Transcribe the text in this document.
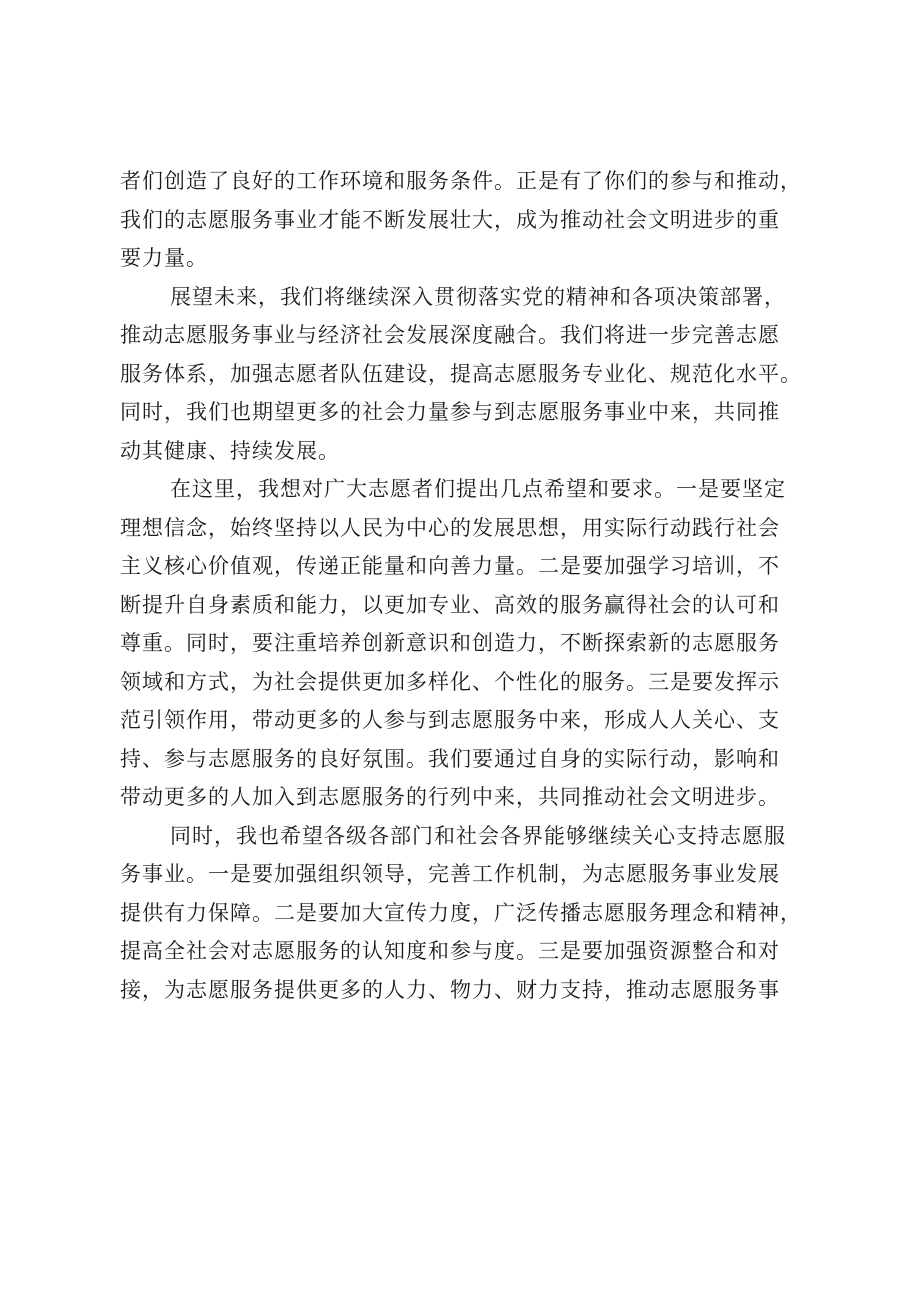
者们创造了良好的工作环境和服务条件。正是有了你们的参与和推动，
我们的志愿服务事业才能不断发展壮大，成为推动社会文明进步的重
要力量。
展望未来，我们将继续深入贯彻落实党的精神和各项决策部署，
推动志愿服务事业与经济社会发展深度融合。我们将进一步完善志愿
服务体系，加强志愿者队伍建设，提高志愿服务专业化、规范化水平。
同时，我们也期望更多的社会力量参与到志愿服务事业中来，共同推
动其健康、持续发展。
在这里，我想对广大志愿者们提出几点希望和要求。一是要坚定
理想信念，始终坚持以人民为中心的发展思想，用实际行动践行社会
主义核心价值观，传递正能量和向善力量。二是要加强学习培训，不
断提升自身素质和能力，以更加专业、高效的服务赢得社会的认可和
尊重。同时，要注重培养创新意识和创造力，不断探索新的志愿服务
领域和方式，为社会提供更加多样化、个性化的服务。三是要发挥示
范引领作用，带动更多的人参与到志愿服务中来，形成人人关心、支
持、参与志愿服务的良好氛围。我们要通过自身的实际行动，影响和
带动更多的人加入到志愿服务的行列中来，共同推动社会文明进步。
同时，我也希望各级各部门和社会各界能够继续关心支持志愿服
务事业。一是要加强组织领导，完善工作机制，为志愿服务事业发展
提供有力保障。二是要加大宣传力度，广泛传播志愿服务理念和精神，
提高全社会对志愿服务的认知度和参与度。三是要加强资源整合和对
接，为志愿服务提供更多的人力、物力、财力支持，推动志愿服务事
